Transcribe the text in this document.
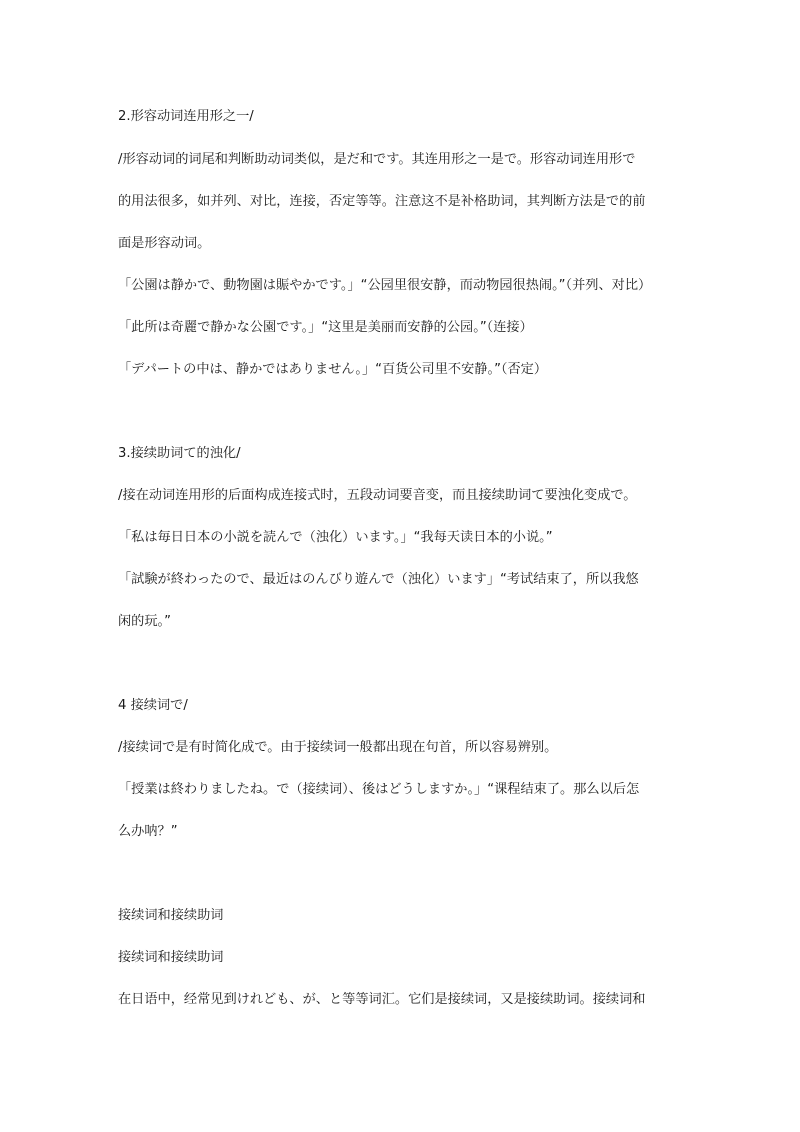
2.形容动词连用形之一/
/形容动词的词尾和判断助动词类似，是だ和です。其连用形之一是で。形容动词连用形で
的用法很多，如并列、对比，连接，否定等等。注意这不是补格助词，其判断方法是で的前
面是形容动词。
「公園は静かで、動物園は賑やかです。」“公园里很安静，而动物园很热闹。”（并列、对比）
「此所は奇麗で静かな公園です。」“这里是美丽而安静的公园。”（连接）
「デパートの中は、静かではありません。」“百货公司里不安静。”（否定）
3.接续助词て的浊化/
/接在动词连用形的后面构成连接式时，五段动词要音变，而且接续助词て要浊化变成で。
「私は毎日日本の小説を読んで（浊化）います。」“我每天读日本的小说。”
「試験が終わったので、最近はのんびり遊んで（浊化）います」“考试结束了，所以我悠
闲的玩。”
4 接续词で/
/接续词で是有时简化成で。由于接续词一般都出现在句首，所以容易辨别。
「授業は終わりましたね。で（接续词）、後はどうしますか。」“课程结束了。那么以后怎
么办呐？”
接续词和接续助词
接续词和接续助词
在日语中，经常见到けれども、が、と等等词汇。它们是接续词，又是接续助词。接续词和
